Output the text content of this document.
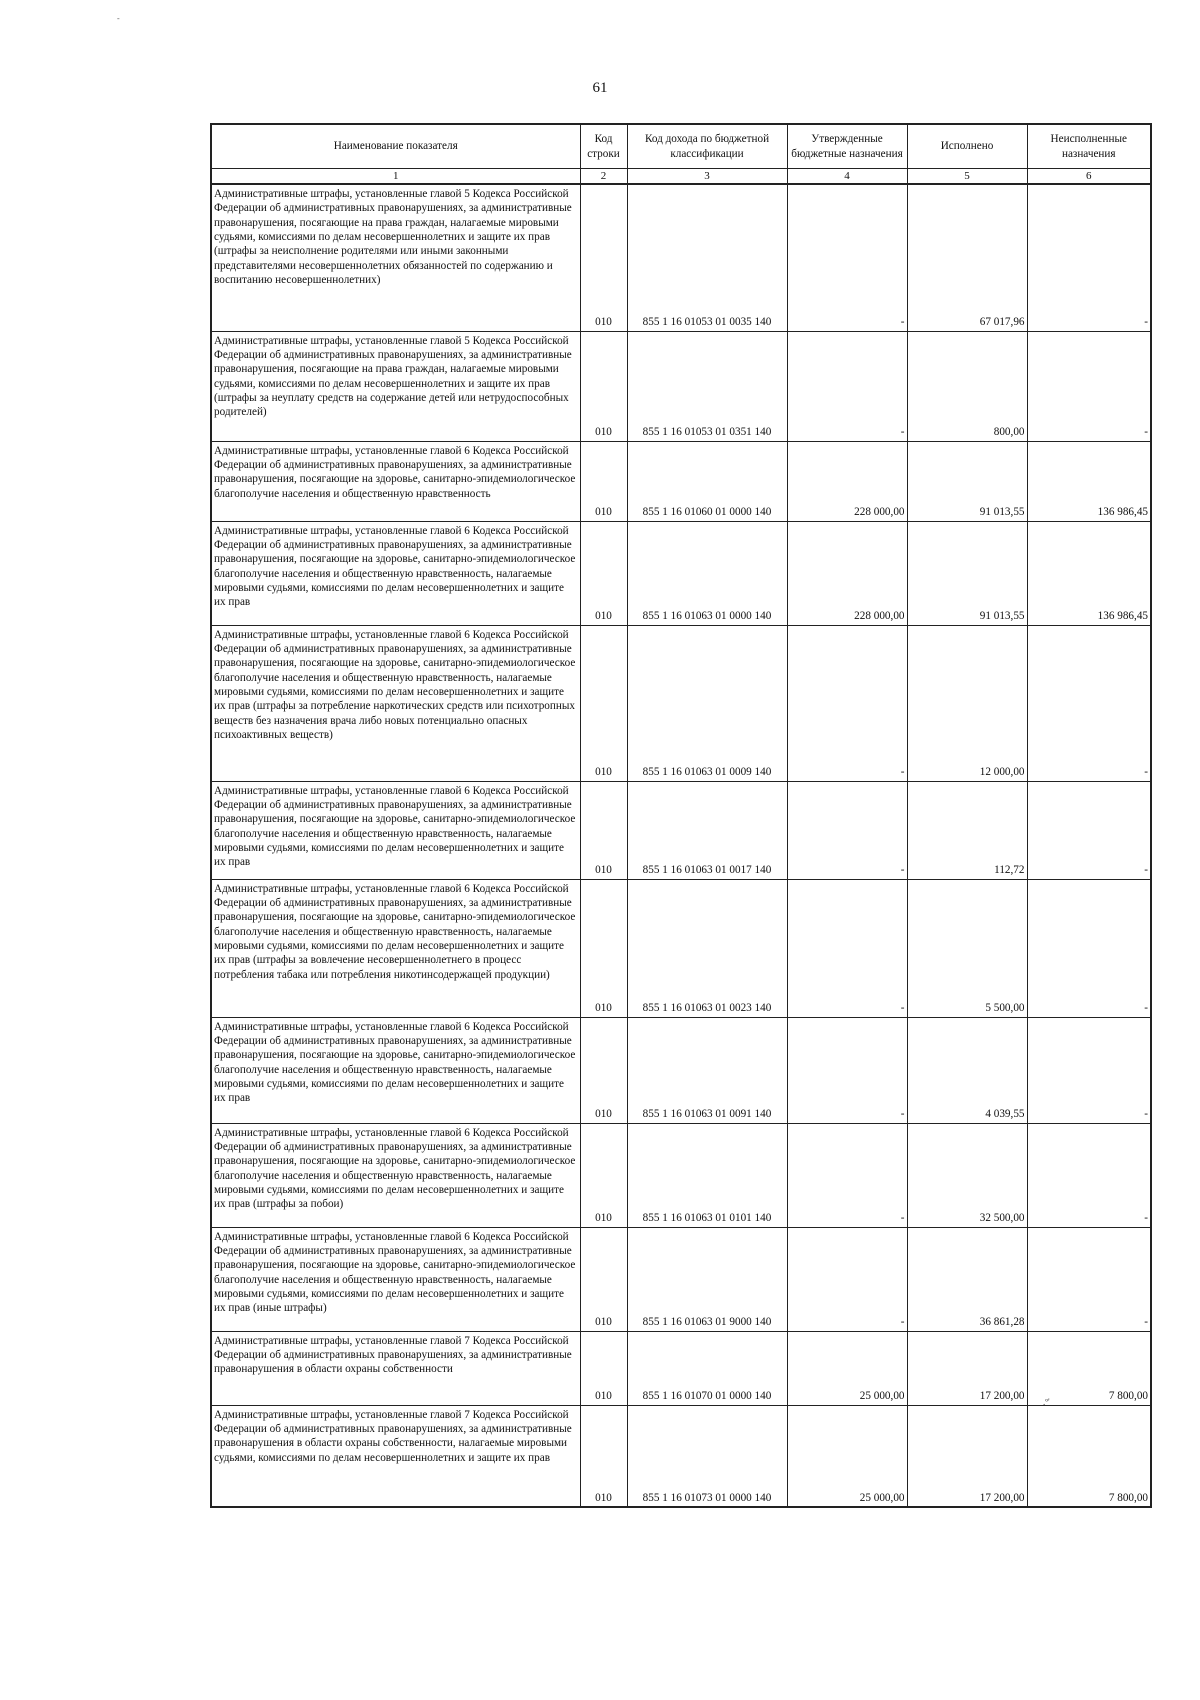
-
61
Наименование показателя	Код строки	Код дохода по бюджетной классификации	Утвержденные бюджетные назначения	Исполнено	Неисполненные назначения
1	2	3	4	5	6
Административные штрафы, установленные главой 5 Кодекса Российской Федерации об административных правонарушениях, за административные правонарушения, посягающие на права граждан, налагаемые мировыми судьями, комиссиями по делам несовершеннолетних и защите их прав (штрафы за неисполнение родителями или иными законными представителями несовершеннолетних обязанностей по содержанию и воспитанию несовершеннолетних)	010	855 1 16 01053 01 0035 140	-	67 017,96	-
Административные штрафы, установленные главой 5 Кодекса Российской Федерации об административных правонарушениях, за административные правонарушения, посягающие на права граждан, налагаемые мировыми судьями, комиссиями по делам несовершеннолетних и защите их прав (штрафы за неуплату средств на содержание детей или нетрудоспособных родителей)	010	855 1 16 01053 01 0351 140	-	800,00	-
Административные штрафы, установленные главой 6 Кодекса Российской Федерации об административных правонарушениях, за административные правонарушения, посягающие на здоровье, санитарно-эпидемиологическое благополучие населения и общественную нравственность	010	855 1 16 01060 01 0000 140	228 000,00	91 013,55	136 986,45
Административные штрафы, установленные главой 6 Кодекса Российской Федерации об административных правонарушениях, за административные правонарушения, посягающие на здоровье, санитарно-эпидемиологическое благополучие населения и общественную нравственность, налагаемые мировыми судьями, комиссиями по делам несовершеннолетних и защите их прав	010	855 1 16 01063 01 0000 140	228 000,00	91 013,55	136 986,45
Административные штрафы, установленные главой 6 Кодекса Российской Федерации об административных правонарушениях, за административные правонарушения, посягающие на здоровье, санитарно-эпидемиологическое благополучие населения и общественную нравственность, налагаемые мировыми судьями, комиссиями по делам несовершеннолетних и защите их прав (штрафы за потребление наркотических средств или психотропных веществ без назначения врача либо новых потенциально опасных психоактивных веществ)	010	855 1 16 01063 01 0009 140	-	12 000,00	-
Административные штрафы, установленные главой 6 Кодекса Российской Федерации об административных правонарушениях, за административные правонарушения, посягающие на здоровье, санитарно-эпидемиологическое благополучие населения и общественную нравственность, налагаемые мировыми судьями, комиссиями по делам несовершеннолетних и защите их прав	010	855 1 16 01063 01 0017 140	-	112,72	-
Административные штрафы, установленные главой 6 Кодекса Российской Федерации об административных правонарушениях, за административные правонарушения, посягающие на здоровье, санитарно-эпидемиологическое благополучие населения и общественную нравственность, налагаемые мировыми судьями, комиссиями по делам несовершеннолетних и защите их прав (штрафы за вовлечение несовершеннолетнего в процесс потребления табака или потребления никотинсодержащей продукции)	010	855 1 16 01063 01 0023 140	-	5 500,00	-
Административные штрафы, установленные главой 6 Кодекса Российской Федерации об административных правонарушениях, за административные правонарушения, посягающие на здоровье, санитарно-эпидемиологическое благополучие населения и общественную нравственность, налагаемые мировыми судьями, комиссиями по делам несовершеннолетних и защите их прав	010	855 1 16 01063 01 0091 140	-	4 039,55	-
Административные штрафы, установленные главой 6 Кодекса Российской Федерации об административных правонарушениях, за административные правонарушения, посягающие на здоровье, санитарно-эпидемиологическое благополучие населения и общественную нравственность, налагаемые мировыми судьями, комиссиями по делам несовершеннолетних и защите их прав (штрафы за побои)	010	855 1 16 01063 01 0101 140	-	32 500,00	-
Административные штрафы, установленные главой 6 Кодекса Российской Федерации об административных правонарушениях, за административные правонарушения, посягающие на здоровье, санитарно-эпидемиологическое благополучие населения и общественную нравственность, налагаемые мировыми судьями, комиссиями по делам несовершеннолетних и защите их прав (иные штрафы)	010	855 1 16 01063 01 9000 140	-	36 861,28	-
Административные штрафы, установленные главой 7 Кодекса Российской Федерации об административных правонарушениях, за административные правонарушения в области охраны собственности	010	855 1 16 01070 01 0000 140	25 000,00	17 200,00	7 800,00
Административные штрафы, установленные главой 7 Кодекса Российской Федерации об административных правонарушениях, за административные правонарушения в области охраны собственности, налагаемые мировыми судьями, комиссиями по делам несовершеннолетних и защите их прав	010	855 1 16 01073 01 0000 140	25 000,00	17 200,00	7 800,00
.º'
